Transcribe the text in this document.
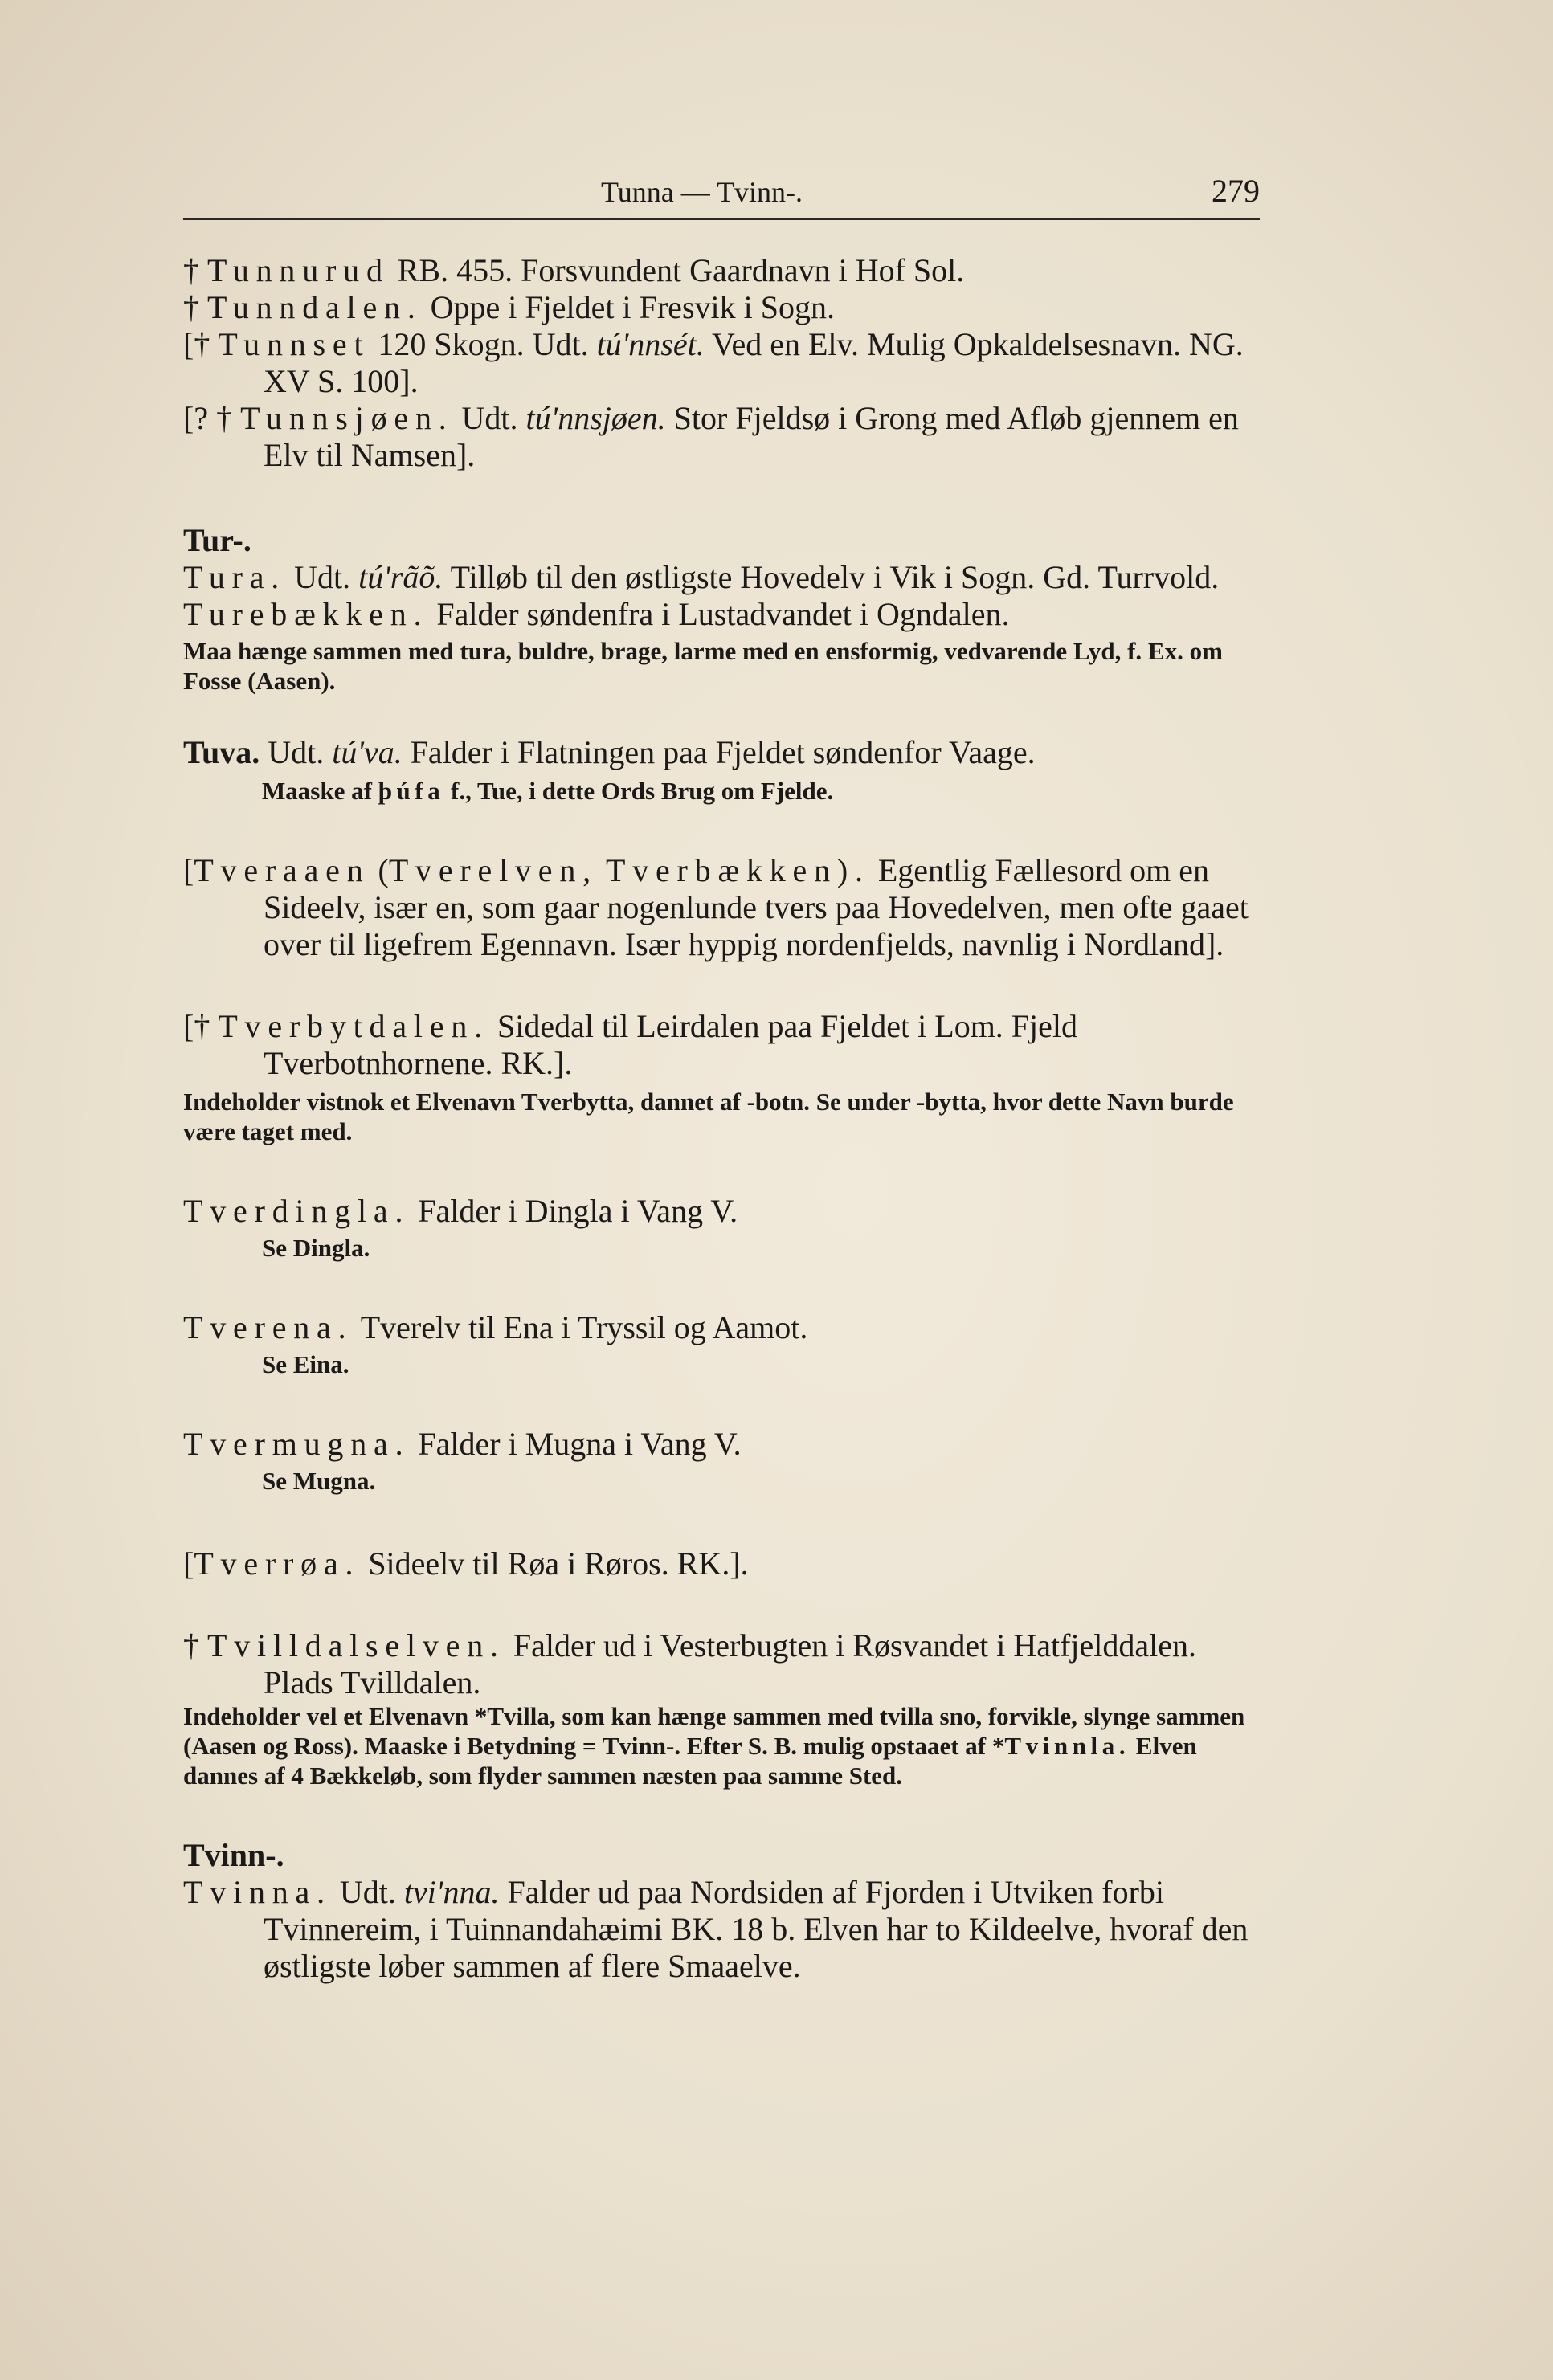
Tunna — Tvinn-.	279

† Tunnurud RB. 455. Forsvundent Gaardnavn i Hof Sol.

† Tunndalen. Oppe i Fjeldet i Fresvik i Sogn.

[† Tunnset 120 Skogn. Udt. tú'nnsét. Ved en Elv. Mulig Opkaldelsesnavn. NG. XV S. 100].

[? † Tunnsjøen. Udt. tú'nnsjøen. Stor Fjeldsø i Grong med Afløb gjennem en Elv til Namsen].

Tur-.

Tura. Udt. tú'rãõ. Tilløb til den østligste Hovedelv i Vik i Sogn. Gd. Turrvold.

Turebækken. Falder søndenfra i Lustadvandet i Ogndalen.

Maa hænge sammen med tura, buldre, brage, larme med en ensformig, vedvarende Lyd, f. Ex. om Fosse (Aasen).

Tuva. Udt. tú'va. Falder i Flatningen paa Fjeldet søndenfor Vaage.

Maaske af þúfa f., Tue, i dette Ords Brug om Fjelde.

[Tveraaen (Tverelven, Tverbækken). Egentlig Fællesord om en Sideelv, især en, som gaar nogenlunde tvers paa Hovedelven, men ofte gaaet over til ligefrem Egennavn. Især hyppig nordenfjelds, navnlig i Nordland].

[† Tverbytdalen. Sidedal til Leirdalen paa Fjeldet i Lom. Fjeld Tverbotnhornene. RK.].

Indeholder vistnok et Elvenavn Tverbytta, dannet af -botn. Se under -bytta, hvor dette Navn burde være taget med.

Tverdingla. Falder i Dingla i Vang V.

Se Dingla.

Tverena. Tverelv til Ena i Tryssil og Aamot.

Se Eina.

Tvermugna. Falder i Mugna i Vang V.

Se Mugna.

[Tverrøa. Sideelv til Røa i Røros. RK.].

† Tvilldalselven. Falder ud i Vesterbugten i Røsvandet i Hatfjelddalen. Plads Tvilldalen.

Indeholder vel et Elvenavn *Tvilla, som kan hænge sammen med tvilla sno, forvikle, slynge sammen (Aasen og Ross). Maaske i Betydning = Tvinn-. Efter S. B. mulig opstaaet af *Tvinnla. Elven dannes af 4 Bækkeløb, som flyder sammen næsten paa samme Sted.

Tvinn-.

Tvinna. Udt. tvi'nna. Falder ud paa Nordsiden af Fjorden i Utviken forbi Tvinnereim, i Tuinnandahæimi BK. 18 b. Elven har to Kildeelve, hvoraf den østligste løber sammen af flere Smaaelve.
